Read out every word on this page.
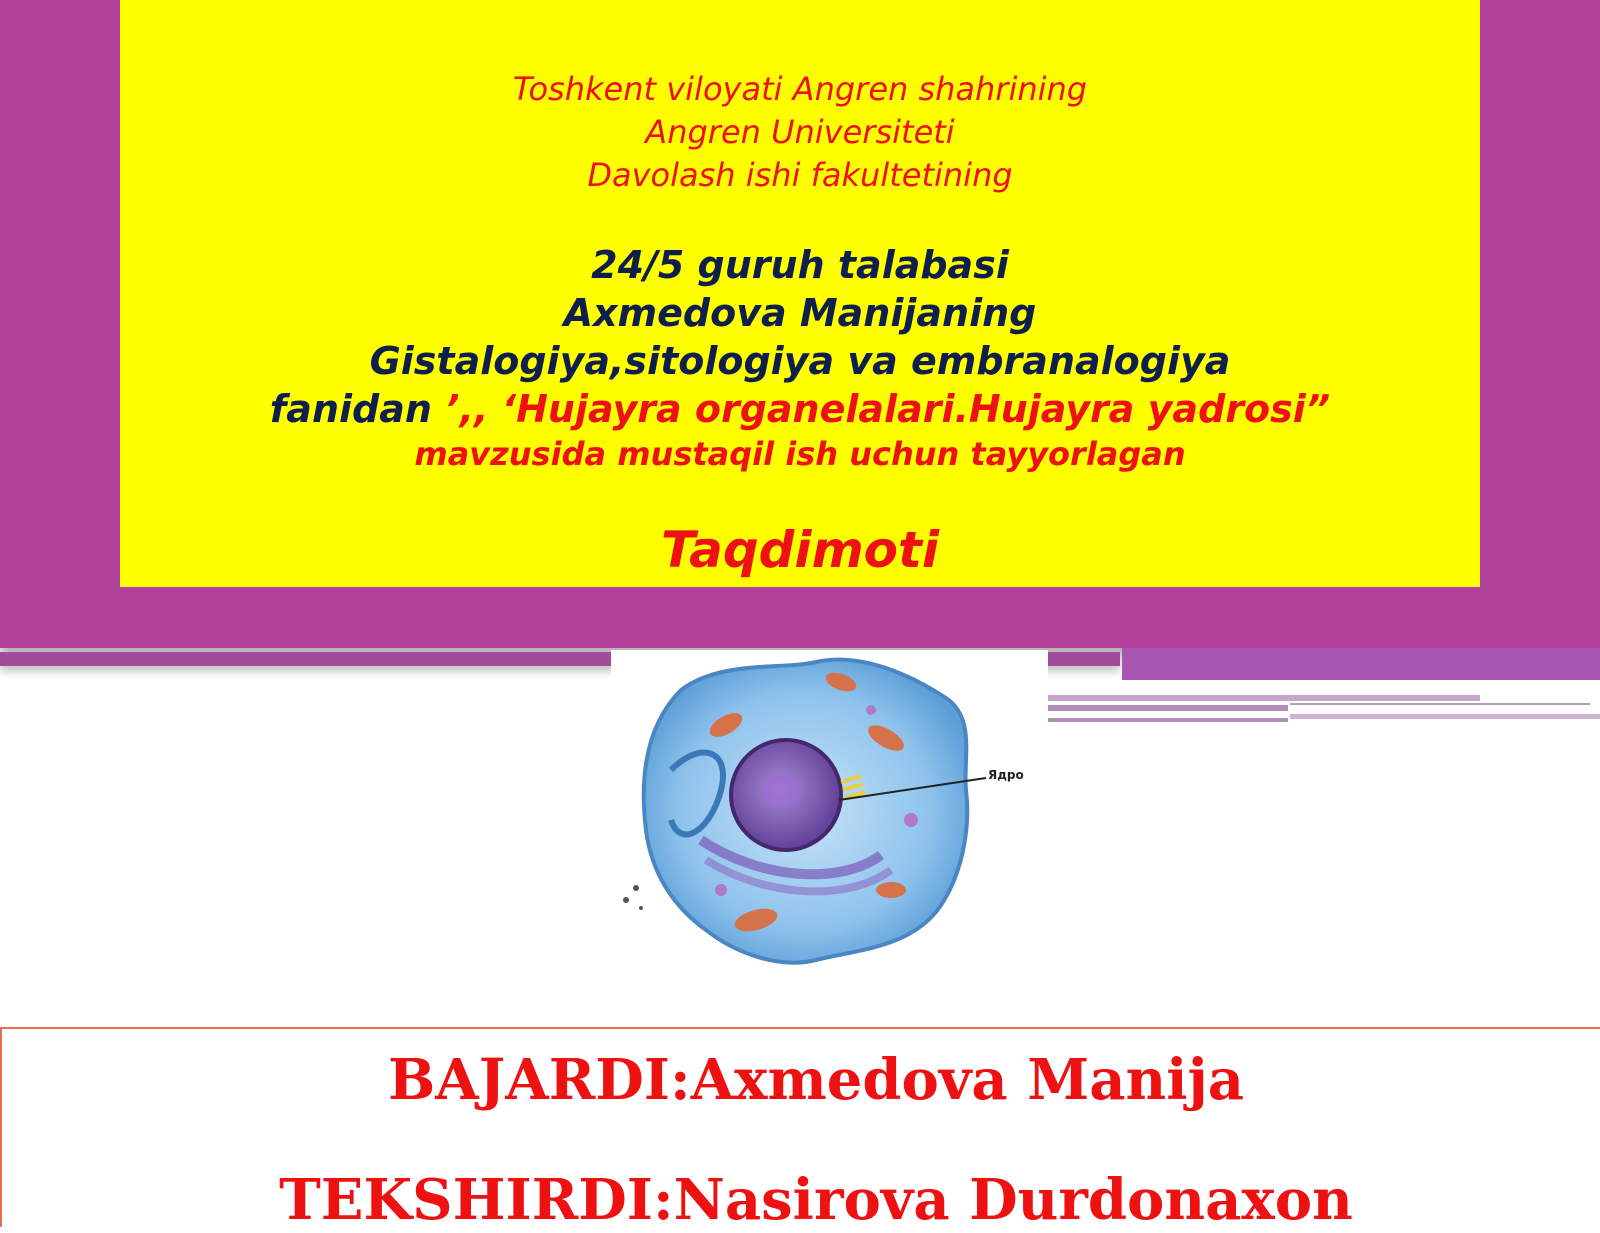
Toshkent viloyati Angren shahrining
Angren Universiteti
Davolash ishi fakultetining
24/5 guruh talabasi
Axmedova Manijaning
Gistalogiya,sitologiya va embranalogiya
fanidan ’,, ‘Hujayra organelalari.Hujayra yadrosi”
mavzusida mustaqil ish uchun tayyorlagan
Taqdimoti
Ядро
BAJARDI:Axmedova Manija
TEKSHIRDI:Nasirova Durdonaxon
